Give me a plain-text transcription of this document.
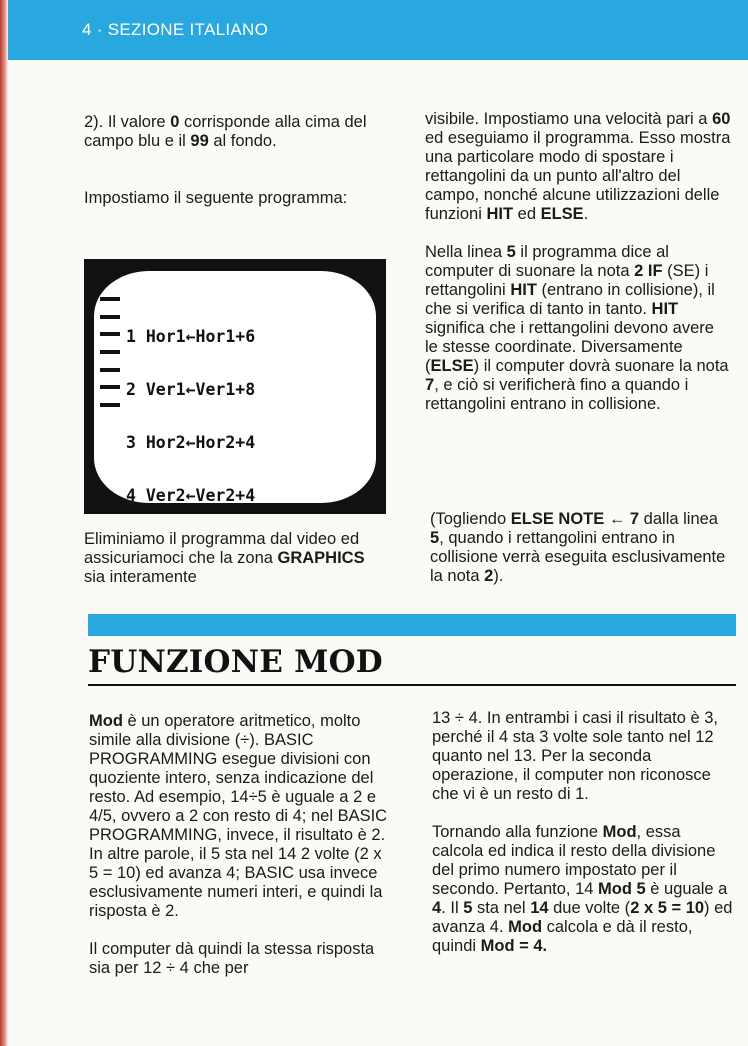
4 · SEZIONE ITALIANO

2). Il valore 0 corrisponde alla cima del campo blu e il 99 al fondo.

Impostiamo il seguente programma:

1 Hor1←Hor1+6

2 Ver1←Ver1+8

3 Hor2←Hor2+4

4 Ver2←Ver2+4

Eliminiamo il programma dal video ed assicuriamoci che la zona GRAPHICS sia interamente

visibile. Impostiamo una velocità pari a 60 ed eseguiamo il programma. Esso mostra una particolare modo di spostare i rettangolini da un punto all'altro del campo, nonché alcune utilizzazioni delle funzioni HIT ed ELSE.

Nella linea 5 il programma dice al computer di suonare la nota 2 IF (SE) i rettangolini HIT (entrano in collisione), il che si verifica di tanto in tanto. HIT significa che i rettangolini devono avere le stesse coordinate. Diversamente (ELSE) il computer dovrà suonare la nota 7, e ciò si verificherà fino a quando i rettangolini entrano in collisione.

(Togliendo ELSE NOTE ← 7 dalla linea 5, quando i rettangolini entrano in collisione verrà eseguita esclusivamente la nota 2).

FUNZIONE MOD

Mod è un operatore aritmetico, molto simile alla divisione (÷). BASIC PROGRAMMING esegue divisioni con quoziente intero, senza indicazione del resto. Ad esempio, 14÷5 è uguale a 2 e 4/5, ovvero a 2 con resto di 4; nel BASIC PROGRAMMING, invece, il risultato è 2. In altre parole, il 5 sta nel 14 2 volte (2 x 5 = 10) ed avanza 4; BASIC usa invece esclusivamente numeri interi, e quindi la risposta è 2.

Il computer dà quindi la stessa risposta sia per 12 ÷ 4 che per

13 ÷ 4. In entrambi i casi il risultato è 3, perché il 4 sta 3 volte sole tanto nel 12 quanto nel 13. Per la seconda operazione, il computer non riconosce che vi è un resto di 1.

Tornando alla funzione Mod, essa calcola ed indica il resto della divisione del primo numero impostato per il secondo. Pertanto, 14 Mod 5 è uguale a 4. Il 5 sta nel 14 due volte (2 x 5 = 10) ed avanza 4. Mod calcola e dà il resto, quindi Mod = 4.
